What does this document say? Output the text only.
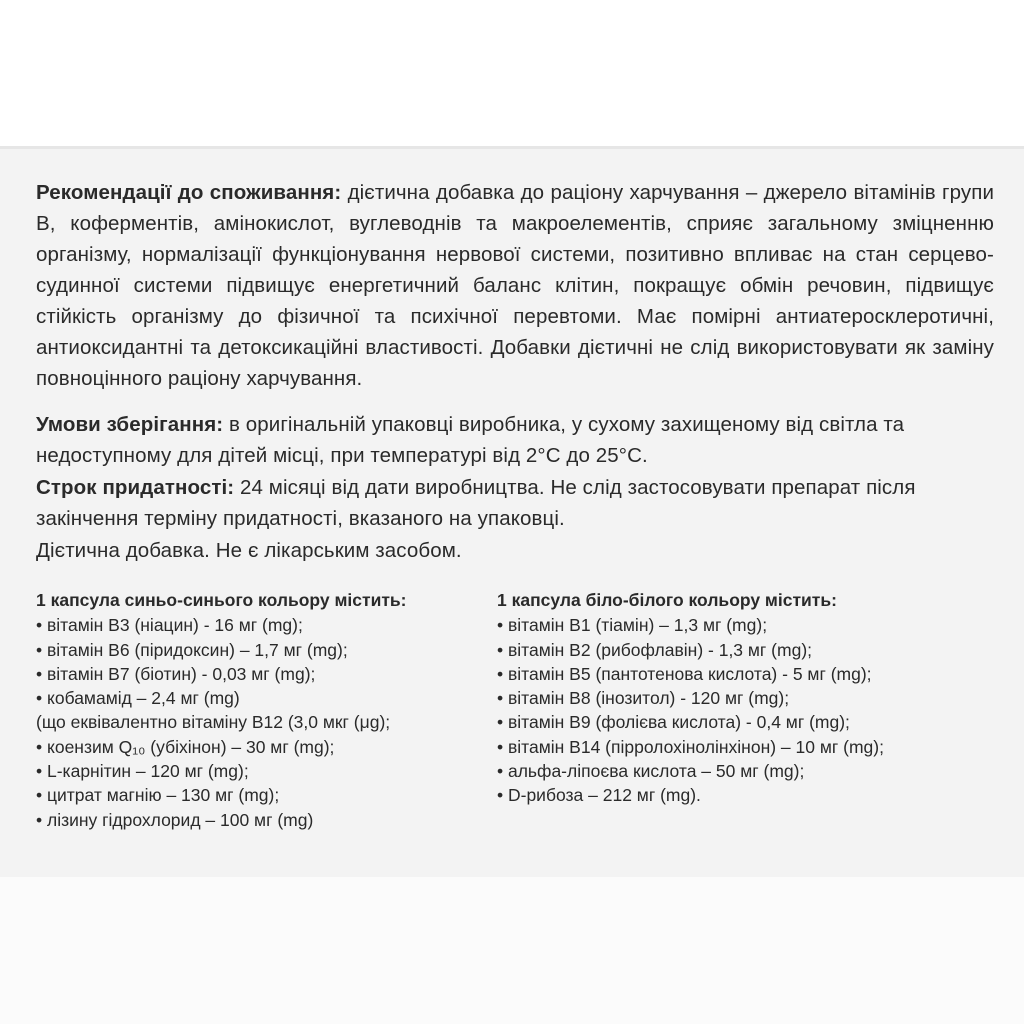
Рекомендації до споживання: дієтична добавка до раціону харчування – джерело вітамінів групи В, коферментів, амінокислот, вуглеводнів та макроелементів, сприяє загальному зміцненню організму, нормалізації функціонування нервової системи, позитивно впливає на стан серцево-судинної системи підвищує енергетичний баланс клітин, покращує обмін речовин, підвищує стійкість організму до фізичної та психічної перевтоми. Має помірні антиатеросклеротичні, антиоксидантні та детоксикаційні властивості. Добавки дієтичні не слід використовувати як заміну повноцінного раціону харчування.

Умови зберігання: в оригінальній упаковці виробника, у сухому захищеному від світла та недоступному для дітей місці, при температурі від 2°С до 25°С.

Строк придатності: 24 місяці від дати виробництва. Не слід застосовувати препарат після закінчення терміну придатності, вказаного на упаковці.

Дієтична добавка. Не є лікарським засобом.
1 капсула синьо-синього кольору містить:
• вітамін В3 (ніацин) - 16 мг (mg);
• вітамін В6 (піридоксин) – 1,7 мг (mg);
• вітамін В7 (біотин) - 0,03 мг (mg);
• кобамамід – 2,4 мг (mg)
(що еквівалентно вітаміну В12 (3,0 мкг (μg);
• коензим Q₁₀ (убіхінон) – 30 мг (mg);
• L-карнітин – 120 мг (mg);
• цитрат магнію – 130 мг (mg);
• лізину гідрохлорид – 100 мг (mg)
1 капсула біло-білого кольору містить:
• вітамін В1 (тіамін) – 1,3 мг (mg);
• вітамін В2 (рибофлавін) - 1,3 мг (mg);
• вітамін В5 (пантотенова кислота) - 5 мг (mg);
• вітамін В8 (інозитол) - 120 мг (mg);
• вітамін В9 (фолієва кислота) - 0,4 мг (mg);
• вітамін В14 (пірролохінолінхінон) – 10 мг (mg);
• альфа-ліпоєва кислота – 50 мг (mg);
• D-рибоза – 212 мг (mg).
